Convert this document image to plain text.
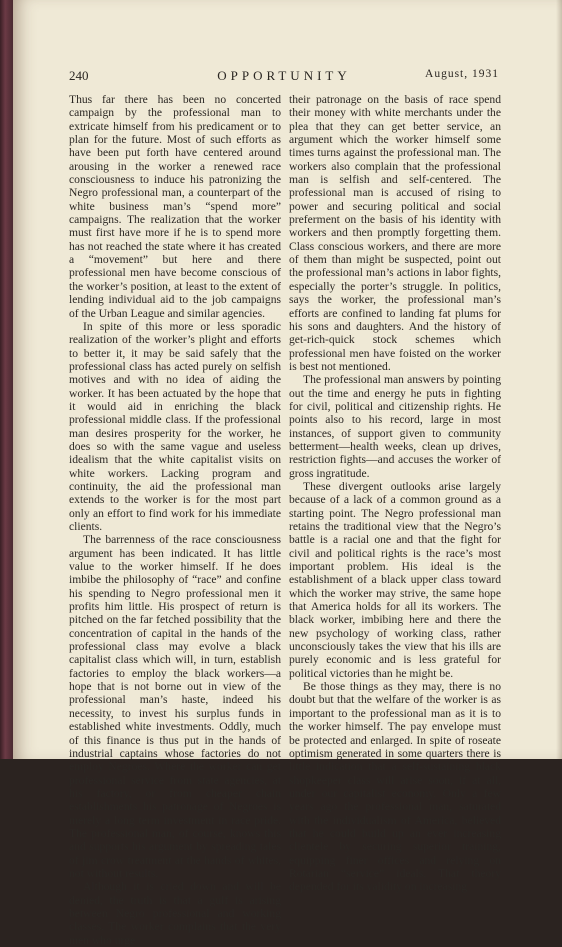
240	OPPORTUNITY	August, 1931

Thus far there has been no concerted campaign by the professional man to extricate himself from his predicament or to plan for the future. Most of such efforts as have been put forth have centered around arousing in the worker a renewed race consciousness to induce his patronizing the Negro professional man, a counterpart of the white business man’s “spend more” campaigns. The realization that the worker must first have more if he is to spend more has not reached the state where it has created a “movement” but here and there professional men have become conscious of the worker’s position, at least to the extent of lending individual aid to the job campaigns of the Urban League and similar agencies.

In spite of this more or less sporadic realization of the worker’s plight and efforts to better it, it may be said safely that the professional class has acted purely on selfish motives and with no idea of aiding the worker. It has been actuated by the hope that it would aid in enriching the black professional middle class. If the professional man desires prosperity for the worker, he does so with the same vague and useless idealism that the white capitalist visits on white workers. Lacking program and continuity, the aid the professional man extends to the worker is for the most part only an effort to find work for his immediate clients.

The barrenness of the race consciousness argument has been indicated. It has little value to the worker himself. If he does imbibe the philosophy of “race” and confine his spending to Negro professional men it profits him little. His prospect of return is pitched on the far fetched possibility that the concentration of capital in the hands of the professional class may evolve a black capitalist class which will, in turn, establish factories to employ the black workers—a hope that is not borne out in view of the professional man’s haste, indeed his necessity, to invest his surplus funds in established white investments. Oddly, much of this finance is thus put in the hands of industrial captains whose factories do not employ Negroes. Where the worker can get professional service from state agencies, at his factory, or from cheaper chain establishments his patronage of Negroes is merely a long term investment in race pride. The professional man, of course, knows this and supports his argument by spreading tales of jim crow treatment at the hands of whites, not without results.

Although it is cried down and will be denied, the truth is that a gulf is arising between Negro professional and working classes. The worker complains that the very men who urge

their patronage on the basis of race spend their money with white merchants under the plea that they can get better service, an argument which the worker himself some times turns against the professional man. The workers also complain that the professional man is selfish and self-centered. The professional man is accused of rising to power and securing political and social preferment on the basis of his identity with workers and then promptly forgetting them. Class conscious workers, and there are more of them than might be suspected, point out the professional man’s actions in labor fights, especially the porter’s struggle. In politics, says the worker, the professional man’s efforts are confined to landing fat plums for his sons and daughters. And the history of get-rich-quick stock schemes which professional men have foisted on the worker is best not mentioned.

The professional man answers by pointing out the time and energy he puts in fighting for civil, political and citizenship rights. He points also to his record, large in most instances, of support given to community betterment—health weeks, clean up drives, restriction fights—and accuses the worker of gross ingratitude.

These divergent outlooks arise largely because of a lack of a common ground as a starting point. The Negro professional man retains the traditional view that the Negro’s battle is a racial one and that the fight for civil and political rights is the race’s most important problem. His ideal is the establishment of a black upper class toward which the worker may strive, the same hope that America holds for all its workers. The black worker, imbibing here and there the new psychology of working class, rather unconsciously takes the view that his ills are purely economic and is less grateful for political victories than he might be.

Be those things as they may, there is no doubt but that the welfare of the worker is as important to the professional man as it is to the worker himself. The pay envelope must be protected and enlarged. In spite of roseate optimism generated in some quarters there is little indication that a self-sustaining black shopkeeper class will arise soon, if at all, under our capitalist economy. Only a few years ago the professional man, saturated with the individualism of America, believed that he could build up an ever increasing clientele by securing superior training, equipping finer offices and relying on Rotarian “service” ideals. That theory depended for its validity on increasing
